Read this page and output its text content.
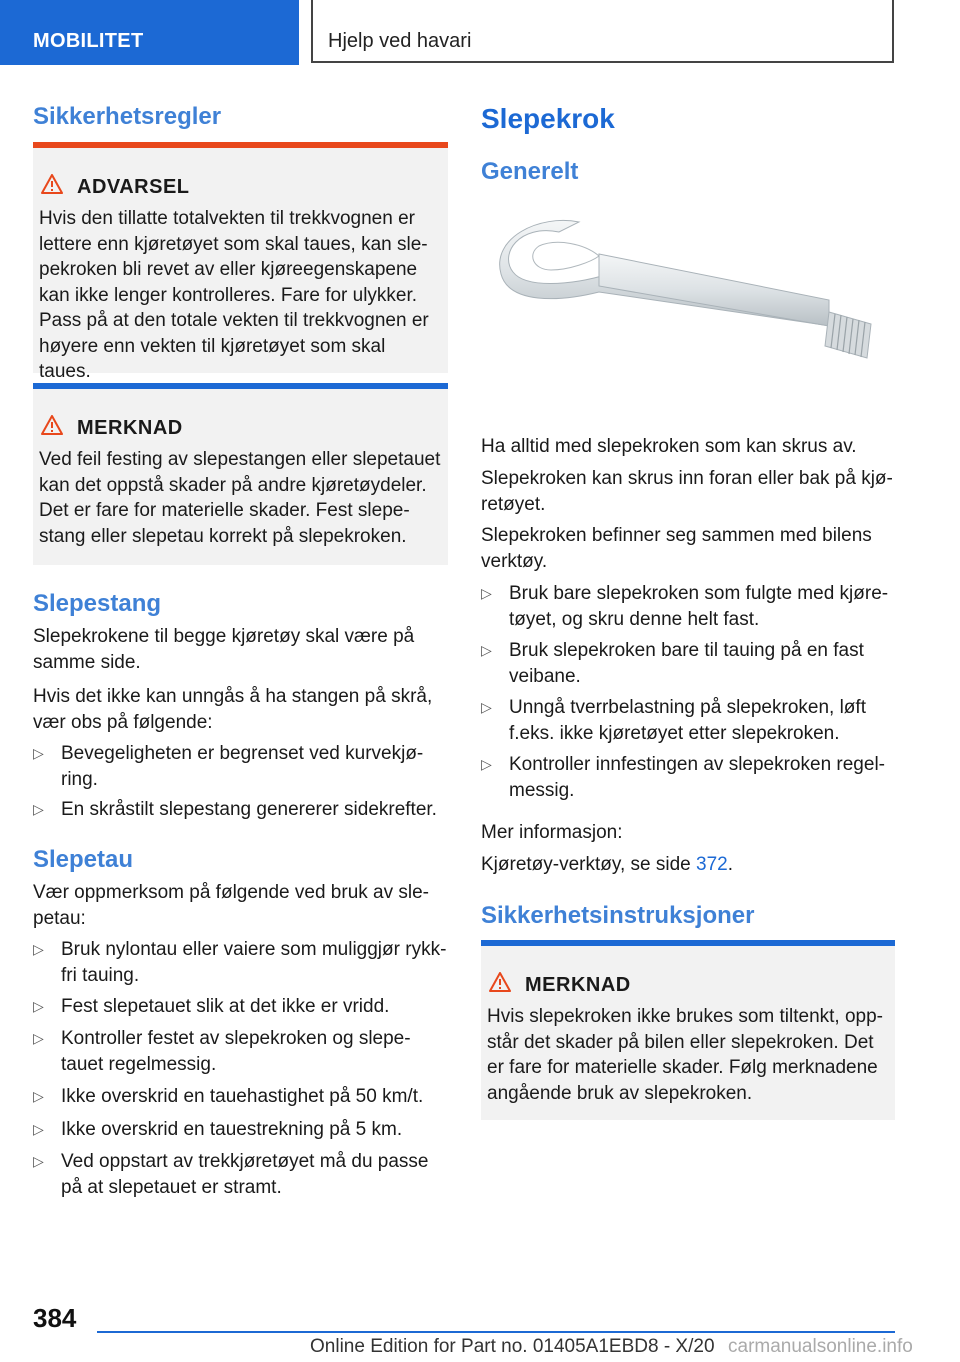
MOBILITET	Hjelp ved havari
Sikkerhetsregler
ADVARSEL
Hvis den tillatte totalvekten til trekkvognen er lettere enn kjøretøyet som skal taues, kan sle-pekroken bli revet av eller kjøreegenskapene kan ikke lenger kontrolleres. Fare for ulykker. Pass på at den totale vekten til trekkvognen er høyere enn vekten til kjøretøyet som skal taues.
MERKNAD
Ved feil festing av slepestangen eller slepetauet kan det oppstå skader på andre kjøretøydeler. Det er fare for materielle skader. Fest slepe-stang eller slepetau korrekt på slepekroken.
Slepestang
Slepekrokene til begge kjøretøy skal være på samme side.
Hvis det ikke kan unngås å ha stangen på skrå, vær obs på følgende:
▷ Bevegeligheten er begrenset ved kurvekjø-ring.
▷ En skråstilt slepestang genererer sidekrefter.
Slepetau
Vær oppmerksom på følgende ved bruk av sle-petau:
▷ Bruk nylontau eller vaiere som muliggjør rykk-fri tauing.
▷ Fest slepetauet slik at det ikke er vridd.
▷ Kontroller festet av slepekroken og slepe-tauet regelmessig.
▷ Ikke overskrid en tauehastighet på 50 km/t.
▷ Ikke overskrid en tauestrekning på 5 km.
▷ Ved oppstart av trekkjøretøyet må du passe på at slepetauet er stramt.
Slepekrok
Generelt
Ha alltid med slepekroken som kan skrus av.
Slepekroken kan skrus inn foran eller bak på kjø-retøyet.
Slepekroken befinner seg sammen med bilens verktøy.
▷ Bruk bare slepekroken som fulgte med kjøre-tøyet, og skru denne helt fast.
▷ Bruk slepekroken bare til tauing på en fast veibane.
▷ Unngå tverrbelastning på slepekroken, løft f.eks. ikke kjøretøyet etter slepekroken.
▷ Kontroller innfestingen av slepekroken regel-messig.
Mer informasjon:
Kjøretøy-verktøy, se side 372.
Sikkerhetsinstruksjoner
MERKNAD
Hvis slepekroken ikke brukes som tiltenkt, opp-står det skader på bilen eller slepekroken. Det er fare for materielle skader. Følg merknadene angående bruk av slepekroken.
384
Online Edition for Part no. 01405A1EBD8 - X/20 carmanualsonline.info
